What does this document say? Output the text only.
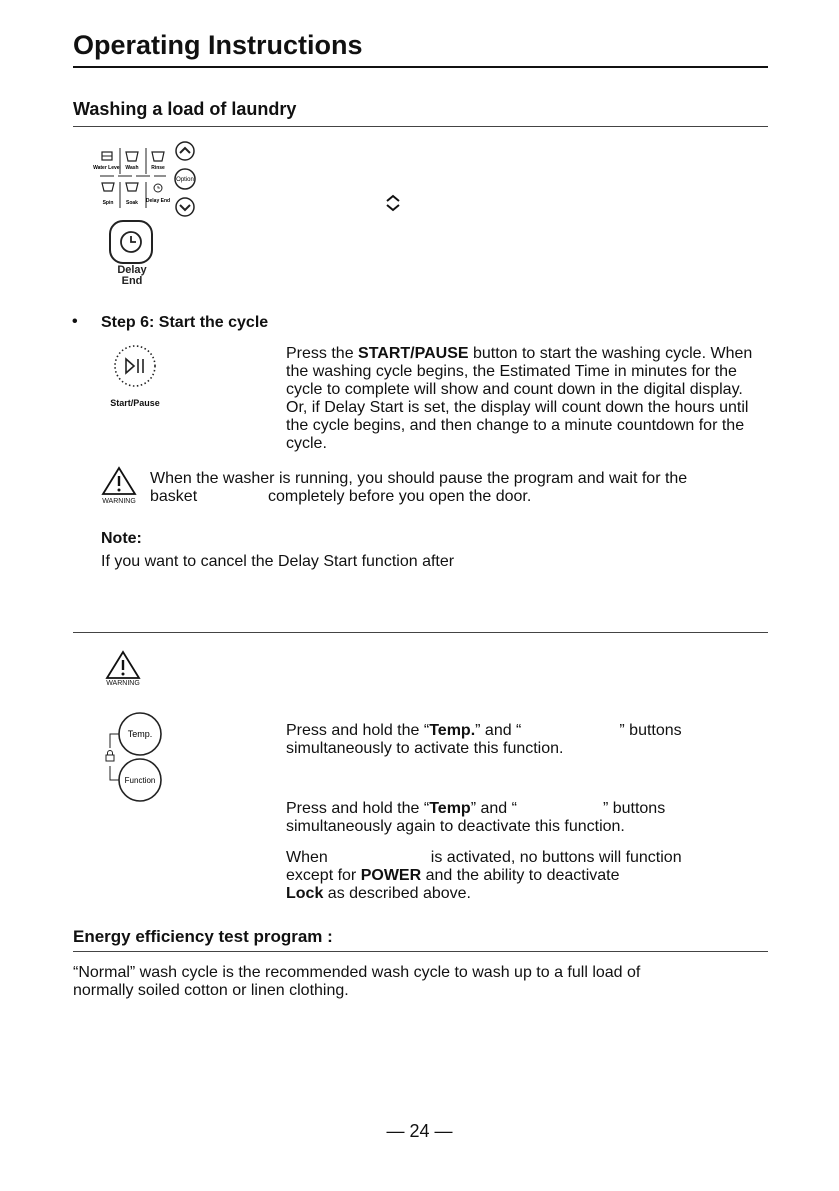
Operating Instructions
Washing a load of laundry
Water Level Wash	Rinse
Option
Spin	Soak Delay End
Delay
End
• Step 6: Start the cycle
Start/Pause
Press the START/PAUSE button to start the washing cycle. When the washing cycle begins, the Estimated Time in minutes for the cycle to complete will show and count down in the digital display. Or, if Delay Start is set, the display will count down the hours until the cycle begins, and then change to a minute countdown for the cycle.
WARNING
When the washer is running, you should pause the program and wait for the
basket	completely before you open the door.
Note:
If you want to cancel the Delay Start function after
WARNING
Temp.
Function
Press and hold the “Temp.” and “	” buttons
simultaneously to activate this function.
Press and hold the “Temp” and “	” buttons
simultaneously again to deactivate this function.
When	is activated, no buttons will function
except for POWER and the ability to deactivate
Lock as described above.
Energy efficiency test program :
“Normal” wash cycle is the recommended wash cycle to wash up to a full load of
normally soiled cotton or linen clothing.
— 24 —
